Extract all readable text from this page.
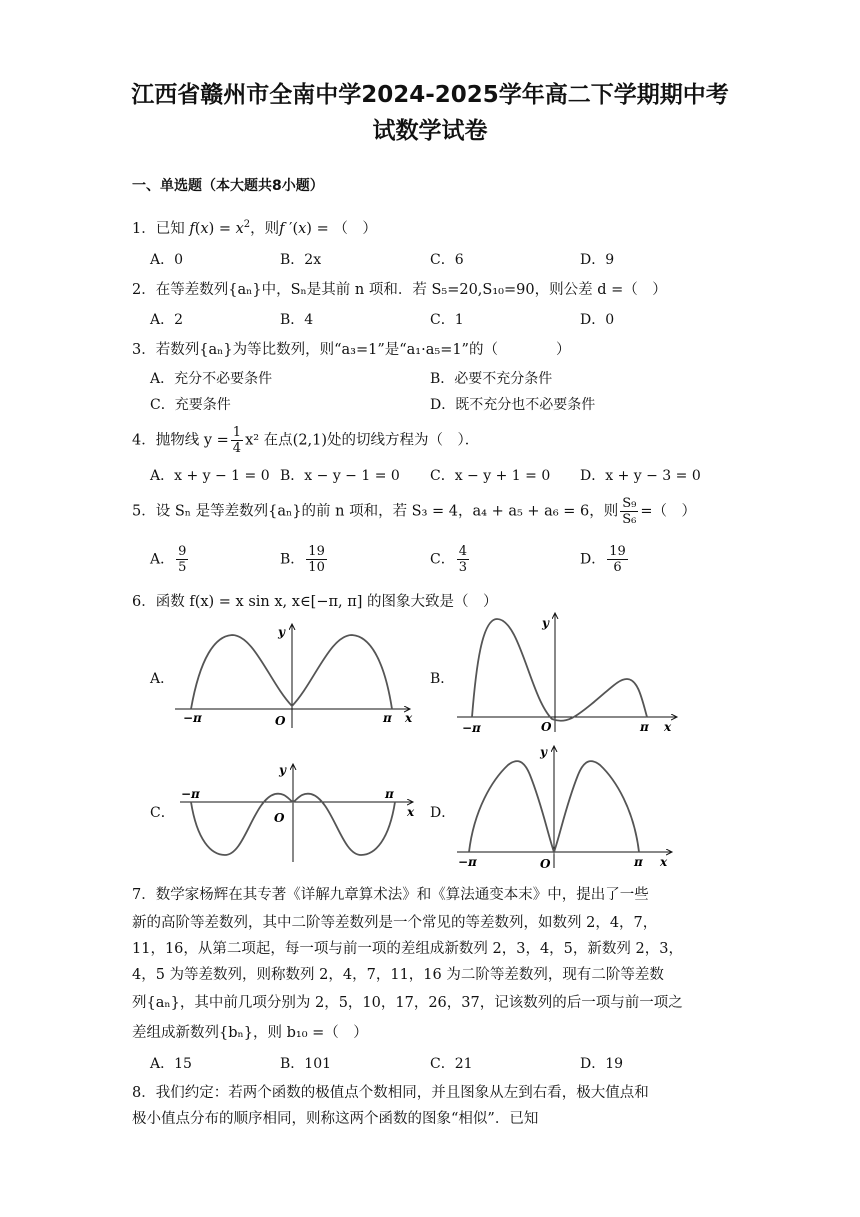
江西省赣州市全南中学2024-2025学年高二下学期期中考
试数学试卷
一、单选题（本大题共8小题）
1．已知 $f(x) = x^2$，则f ′(x) = （　）
A．0	B．2x	C．6	D．9
2．在等差数列{aₙ}中，Sₙ是其前 n 项和．若 S₅=20,S₁₀=90，则公差 d =（　）
A．2	B．4	C．1	D．0
3．若数列{aₙ}为等比数列，则“a₃=1”是“a₁·a₅=1”的（　　　　）
A．充分不必要条件	B．必要不充分条件
C．充要条件	D．既不充分也不必要条件
4．抛物线 $y = \frac{1}{4} x^2$ 在点(2,1)处的切线方程为（　）．
A．x + y − 1 = 0 B．x − y − 1 = 0 C．x − y + 1 = 0 D．x + y − 3 = 0
5．设 Sₙ 是等差数列{aₙ}的前 n 项和，若 S₃ = 4，a₄ + a₅ + a₆ = 6，则 $\frac{\text{S₉}}{\text{S₆}}$ =（　）
A． $\frac{9}{5}$	B． $\frac{19}{10}$	C． $\frac{4}{3}$	D． $\frac{19}{6}$
6．函数 f(x) = x sin x, x∈[−π, π] 的图象大致是（　）
A．	B．
C．	D．
y
x
O
−π	π
y
x
O
−π	π
y
x
O
−π	π
y
x
O
−π	π
7．数学家杨辉在其专著《详解九章算术法》和《算法通变本末》中，提出了一些
新的高阶等差数列，其中二阶等差数列是一个常见的等差数列，如数列 2，4，7，
11，16，从第二项起，每一项与前一项的差组成新数列 2，3，4，5，新数列 2，3，
4，5 为等差数列，则称数列 2，4，7，11，16 为二阶等差数列，现有二阶等差数
列{aₙ}，其中前几项分别为 2，5，10，17，26，37，记该数列的后一项与前一项之
差组成新数列{bₙ}，则 b₁₀ =（　）
A．15	B．101	C．21	D．19
8．我们约定：若两个函数的极值点个数相同，并且图象从左到右看，极大值点和
极小值点分布的顺序相同，则称这两个函数的图象“相似”．已知
